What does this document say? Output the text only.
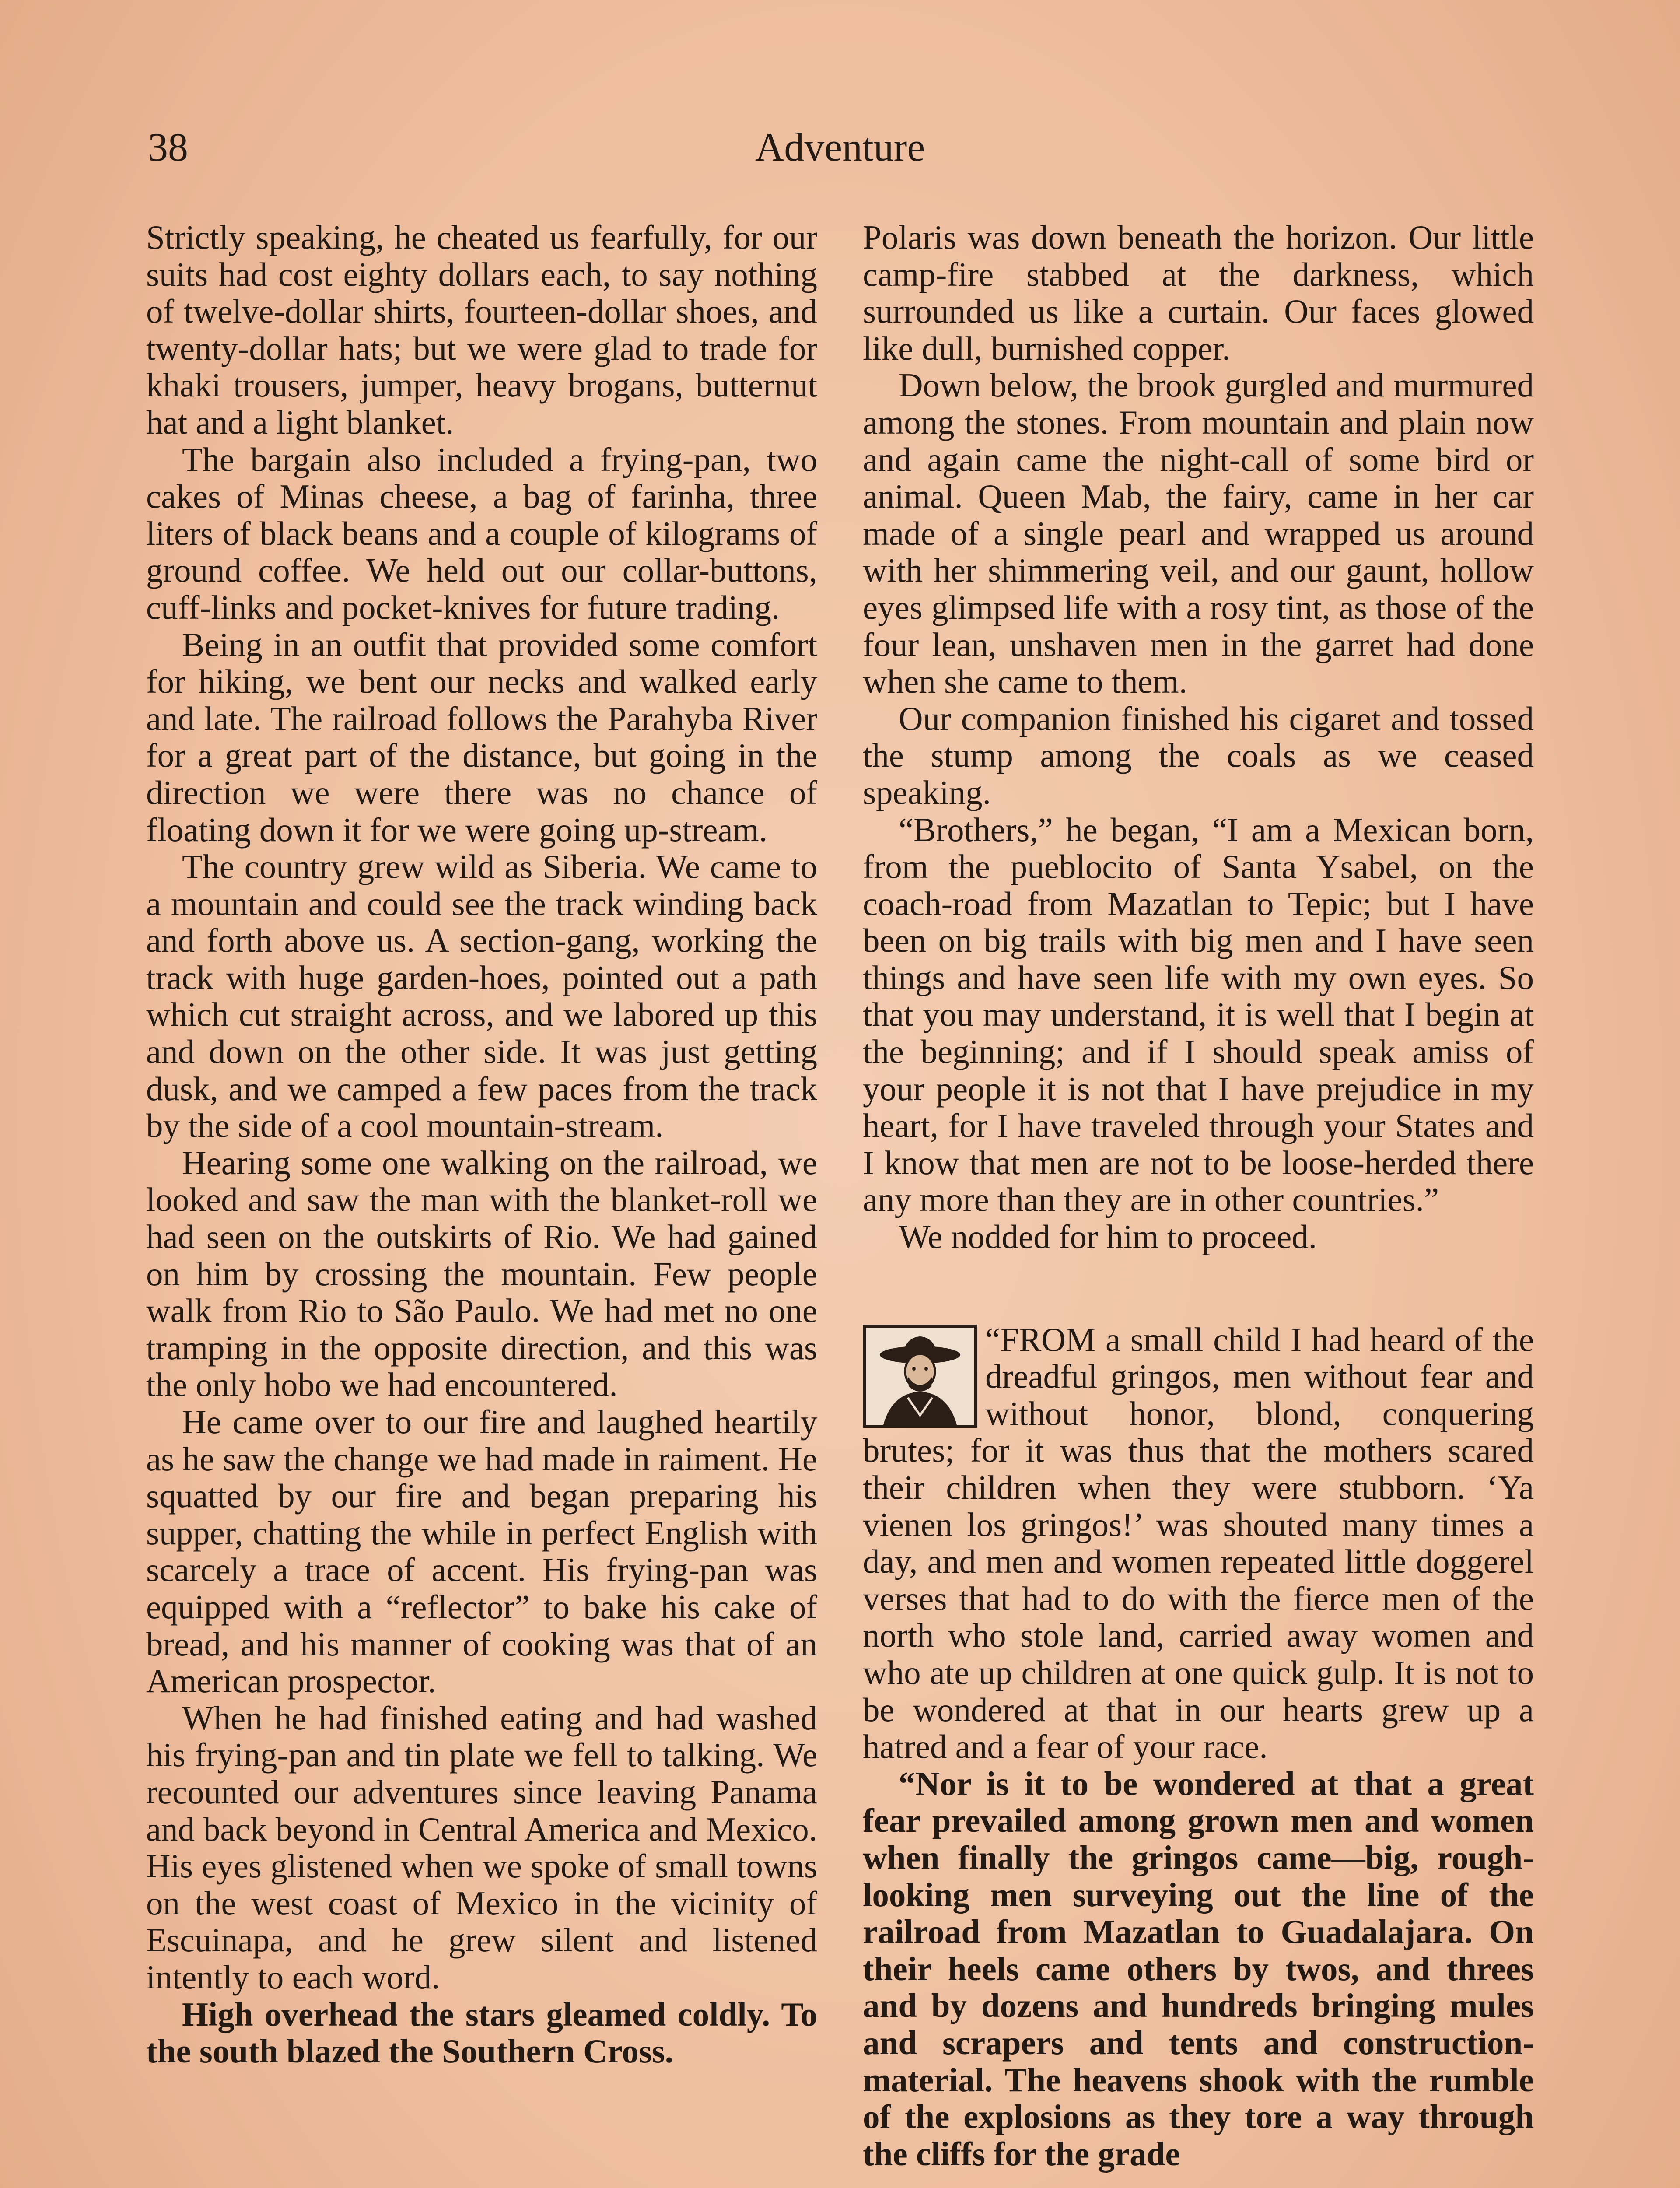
38	Adventure

Strictly speaking, he cheated us fearfully, for our suits had cost eighty dollars each, to say nothing of twelve-dollar shirts, fourteen-dollar shoes, and twenty-dollar hats; but we were glad to trade for khaki trousers, jumper, heavy brogans, butternut hat and a light blanket.

The bargain also included a frying-pan, two cakes of Minas cheese, a bag of farinha, three liters of black beans and a couple of kilograms of ground coffee. We held out our collar-buttons, cuff-links and pocket-knives for future trading.

Being in an outfit that provided some comfort for hiking, we bent our necks and walked early and late. The railroad follows the Parahyba River for a great part of the distance, but going in the direction we were there was no chance of floating down it for we were going up-stream.

The country grew wild as Siberia. We came to a mountain and could see the track winding back and forth above us. A section-gang, working the track with huge garden-hoes, pointed out a path which cut straight across, and we labored up this and down on the other side. It was just getting dusk, and we camped a few paces from the track by the side of a cool mountain-stream.

Hearing some one walking on the railroad, we looked and saw the man with the blanket-roll we had seen on the outskirts of Rio. We had gained on him by crossing the mountain. Few people walk from Rio to São Paulo. We had met no one tramping in the opposite direction, and this was the only hobo we had encountered.

He came over to our fire and laughed heartily as he saw the change we had made in raiment. He squatted by our fire and began preparing his supper, chatting the while in perfect English with scarcely a trace of accent. His frying-pan was equipped with a “reflector” to bake his cake of bread, and his manner of cooking was that of an American prospector.

When he had finished eating and had washed his frying-pan and tin plate we fell to talking. We recounted our adventures since leaving Panama and back beyond in Central America and Mexico. His eyes glistened when we spoke of small towns on the west coast of Mexico in the vicinity of Escuinapa, and he grew silent and listened intently to each word.

High overhead the stars gleamed coldly. To the south blazed the Southern Cross.

Polaris was down beneath the horizon. Our little camp-fire stabbed at the darkness, which surrounded us like a curtain. Our faces glowed like dull, burnished copper.

Down below, the brook gurgled and murmured among the stones. From mountain and plain now and again came the night-call of some bird or animal. Queen Mab, the fairy, came in her car made of a single pearl and wrapped us around with her shimmering veil, and our gaunt, hollow eyes glimpsed life with a rosy tint, as those of the four lean, unshaven men in the garret had done when she came to them.

Our companion finished his cigaret and tossed the stump among the coals as we ceased speaking.

“Brothers,” he began, “I am a Mexican born, from the pueblocito of Santa Ysabel, on the coach-road from Mazatlan to Tepic; but I have been on big trails with big men and I have seen things and have seen life with my own eyes. So that you may understand, it is well that I begin at the beginning; and if I should speak amiss of your people it is not that I have prejudice in my heart, for I have traveled through your States and I know that men are not to be loose-herded there any more than they are in other countries.”

We nodded for him to proceed.

“FROM a small child I had heard of the dreadful gringos, men without fear and without honor, blond, conquering brutes; for it was thus that the mothers scared their children when they were stubborn. ‘Ya vienen los gringos!’ was shouted many times a day, and men and women repeated little doggerel verses that had to do with the fierce men of the north who stole land, carried away women and who ate up children at one quick gulp. It is not to be wondered at that in our hearts grew up a hatred and a fear of your race.

“Nor is it to be wondered at that a great fear prevailed among grown men and women when finally the gringos came—big, rough-looking men surveying out the line of the railroad from Mazatlan to Guadalajara. On their heels came others by twos, and threes and by dozens and hundreds bringing mules and scrapers and tents and construction-material. The heavens shook with the rumble of the explosions as they tore a way through the cliffs for the grade
